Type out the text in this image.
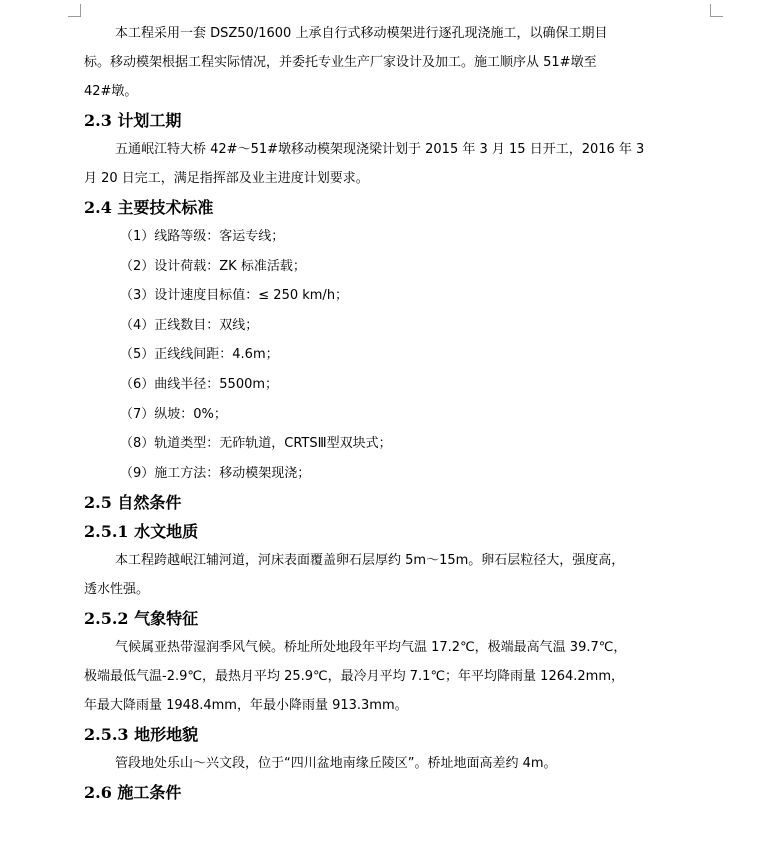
本工程采用一套 DSZ50/1600 上承自行式移动模架进行逐孔现浇施工，以确保工期目

标。移动模架根据工程实际情况，并委托专业生产厂家设计及加工。施工顺序从 51#墩至

42#墩。

2.3 计划工期

五通岷江特大桥 42#～51#墩移动模架现浇梁计划于 2015 年 3 月 15 日开工，2016 年 3

月 20 日完工，满足指挥部及业主进度计划要求。

2.4 主要技术标准

（1）线路等级：客运专线；

（2）设计荷载：ZK 标准活载；

（3）设计速度目标值：≤ 250 km/h；

（4）正线数目：双线；

（5）正线线间距：4.6m；

（6）曲线半径：5500m；

（7）纵坡：0%；

（8）轨道类型：无砟轨道，CRTSⅢ型双块式；

（9）施工方法：移动模架现浇；

2.5 自然条件
2.5.1 水文地质

本工程跨越岷江辅河道，河床表面覆盖卵石层厚约 5m～15m。卵石层粒径大，强度高，

透水性强。

2.5.2 气象特征

气候属亚热带湿润季风气候。桥址所处地段年平均气温 17.2℃，极端最高气温 39.7℃，

极端最低气温-2.9℃，最热月平均 25.9℃，最冷月平均 7.1℃；年平均降雨量 1264.2mm，

年最大降雨量 1948.4mm，年最小降雨量 913.3mm。

2.5.3 地形地貌

管段地处乐山～兴文段，位于“四川盆地南缘丘陵区”。桥址地面高差约 4m。

2.6 施工条件
